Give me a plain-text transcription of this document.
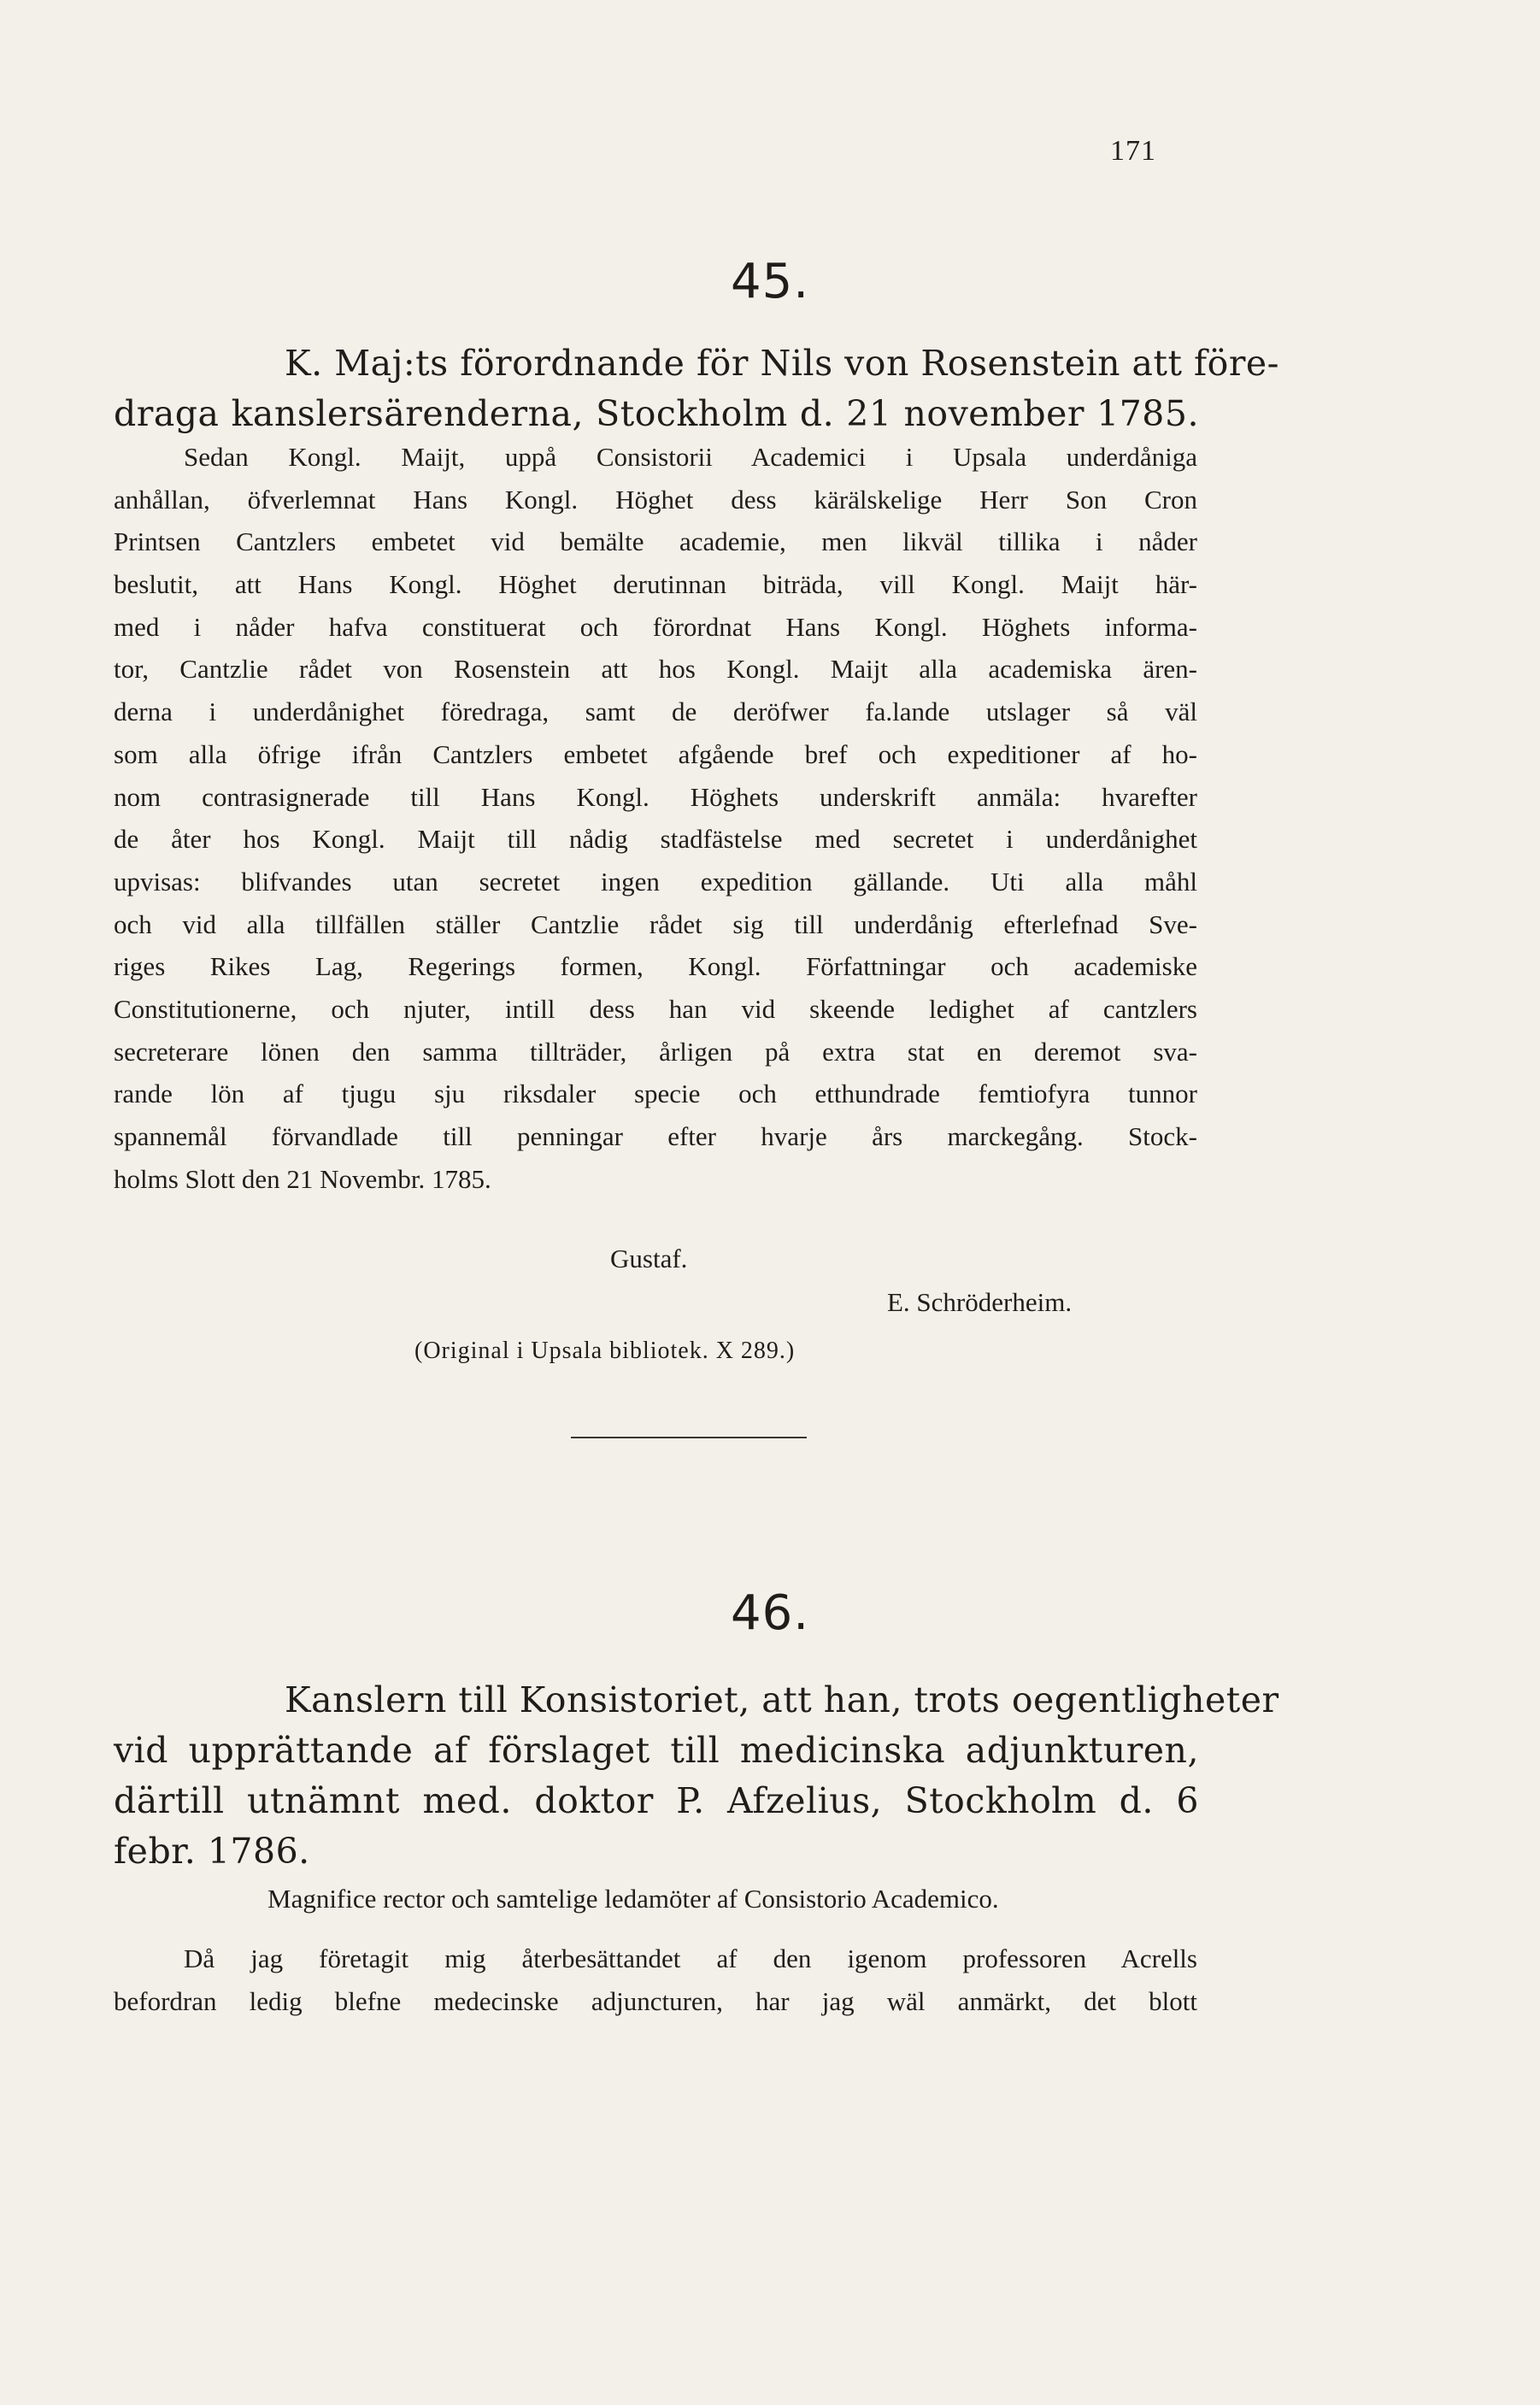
171
45.
K. Maj:ts förordnande för Nils von Rosenstein att före-
draga kanslersärenderna, Stockholm d. 21 november 1785.
Sedan Kongl. Maijt, uppå Consistorii Academici i Upsala underdåniga
anhållan, öfverlemnat Hans Kongl. Höghet dess kärälskelige Herr Son Cron
Printsen Cantzlers embetet vid bemälte academie, men likväl tillika i nåder
beslutit, att Hans Kongl. Höghet derutinnan biträda, vill Kongl. Maijt här-
med i nåder hafva constituerat och förordnat Hans Kongl. Höghets informa-
tor, Cantzlie rådet von Rosenstein att hos Kongl. Maijt alla academiska ären-
derna i underdånighet föredraga, samt de deröfwer fa.lande utslager så väl
som alla öfrige ifrån Cantzlers embetet afgående bref och expeditioner af ho-
nom contrasignerade till Hans Kongl. Höghets underskrift anmäla: hvarefter
de åter hos Kongl. Maijt till nådig stadfästelse med secretet i underdånighet
upvisas: blifvandes utan secretet ingen expedition gällande. Uti alla måhl
och vid alla tillfällen ställer Cantzlie rådet sig till underdånig efterlefnad Sve-
riges Rikes Lag, Regerings formen, Kongl. Författningar och academiske
Constitutionerne, och njuter, intill dess han vid skeende ledighet af cantzlers
secreterare lönen den samma tillträder, årligen på extra stat en deremot sva-
rande lön af tjugu sju riksdaler specie och etthundrade femtiofyra tunnor
spannemål förvandlade till penningar efter hvarje års marckegång. Stock-
holms Slott den 21 Novembr. 1785.
Gustaf.
E. Schröderheim.
(Original i Upsala bibliotek. X 289.)
46.
Kanslern till Konsistoriet, att han, trots oegentligheter
vid upprättande af förslaget till medicinska adjunkturen,
därtill utnämnt med. doktor P. Afzelius, Stockholm d. 6
febr. 1786.
Magnifice rector och samtelige ledamöter af Consistorio Academico.
Då jag företagit mig återbesättandet af den igenom professoren Acrells
befordran ledig blefne medecinske adjuncturen, har jag wäl anmärkt, det blott
